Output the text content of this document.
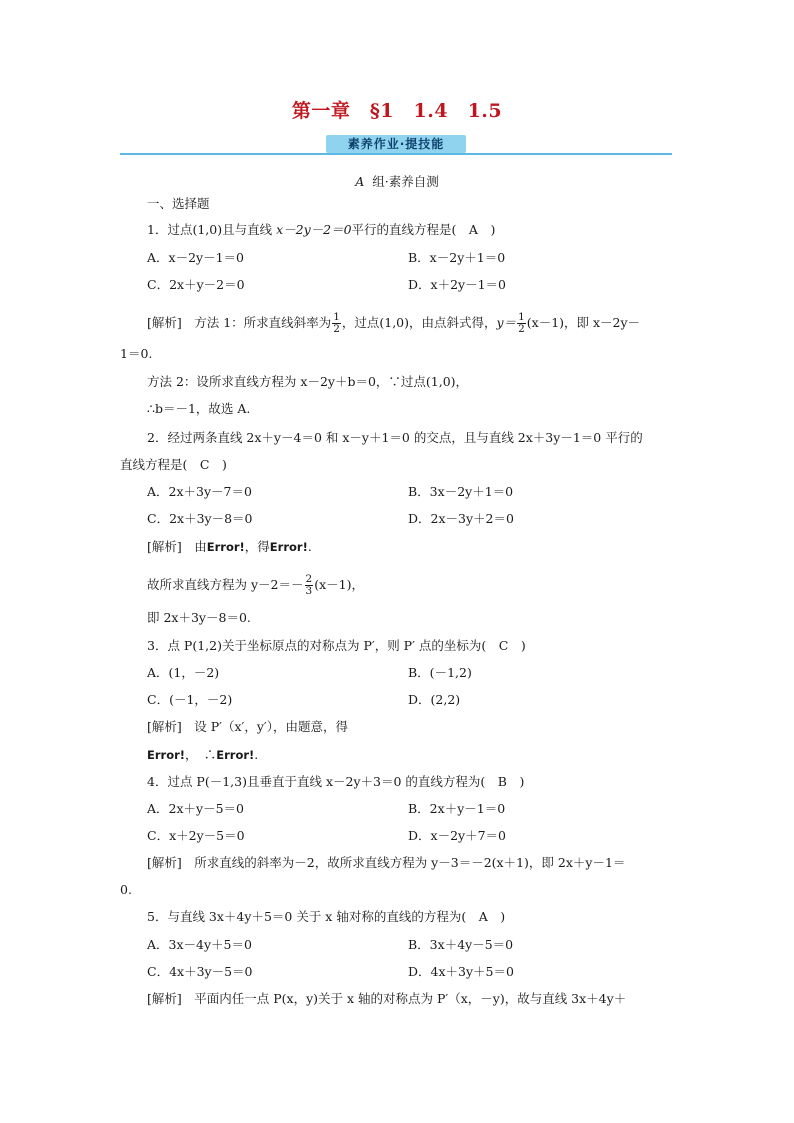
第一章　§1　1.4　1.5
素养作业·提技能
A 组·素养自测
一、选择题
1．过点(1,0)且与直线 x－2y－2＝0平行的直线方程是(　A　)
A．x－2y－1＝0	B．x－2y＋1＝0
C．2x＋y－2＝0	D．x＋2y－1＝0
[解析]　方法 1：所求直线斜率为 $\frac{1}{2}$ ，过点(1,0)，由点斜式得，$y= \frac{1}{2} (x-1)$，即 x－2y－
1＝0.
方法 2：设所求直线方程为 x－2y＋b＝0，∵过点(1,0)，
∴b＝－1，故选 A.
2．经过两条直线 2x＋y－4＝0 和 x－y＋1＝0 的交点，且与直线 2x＋3y－1＝0 平行的
直线方程是(　C　)
A．2x＋3y－7＝0	B．3x－2y＋1＝0
C．2x＋3y－8＝0	D．2x－3y＋2＝0
[解析]　由Error!，得Error!.
故所求直线方程为 $y-2=- \frac{2}{3} (x-1)$，
即 2x＋3y－8＝0.
3．点 P(1,2)关于坐标原点的对称点为 P′，则 P′ 点的坐标为(　C　)
A．(1，－2)	B．(－1,2)
C．(－1，－2)	D．(2,2)
[解析]　设 P′（x′，y′），由题意，得
Error!，　∴Error!.
4．过点 P(－1,3)且垂直于直线 x－2y＋3＝0 的直线方程为(　B　)
A．2x＋y－5＝0	B．2x＋y－1＝0
C．x＋2y－5＝0	D．x－2y＋7＝0
[解析]　所求直线的斜率为－2，故所求直线方程为 y－3＝－2(x＋1)，即 2x＋y－1＝
0.
5．与直线 3x＋4y＋5＝0 关于 x 轴对称的直线的方程为(　A　)
A．3x－4y＋5＝0	B．3x＋4y－5＝0
C．4x＋3y－5＝0	D．4x＋3y＋5＝0
[解析]　平面内任一点 P(x，y)关于 x 轴的对称点为 P′（x，－y)，故与直线 3x＋4y＋
